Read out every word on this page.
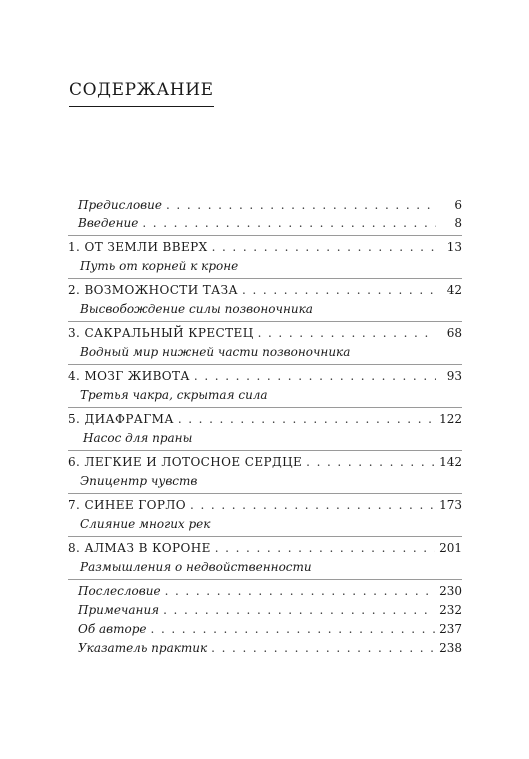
СОДЕРЖАНИЕ
Предисловие . . .	6
Введение . . .	8
1. ОТ ЗЕМЛИ ВВЕРХ . . .	13
Путь от корней к кроне
2. ВОЗМОЖНОСТИ ТАЗА . . .	42
Высвобождение силы позвоночника
3. САКРАЛЬНЫЙ КРЕСТЕЦ . . .	68
Водный мир нижней части позвоночника
4. МОЗГ ЖИВОТА . . .	93
Третья чакра, скрытая сила
5. ДИАФРАГМА . . .	122
Насос для праны
6. ЛЕГКИЕ И ЛОТОСНОЕ СЕРДЦЕ . . .	142
Эпицентр чувств
7. СИНЕЕ ГОРЛО . . .	173
Слияние многих рек
8. АЛМАЗ В КОРОНЕ . . .	201
Размышления о недвойственности
Послесловие . . .	230
Примечания . . .	232
Об авторе . . .	237
Указатель практик . . .	238
